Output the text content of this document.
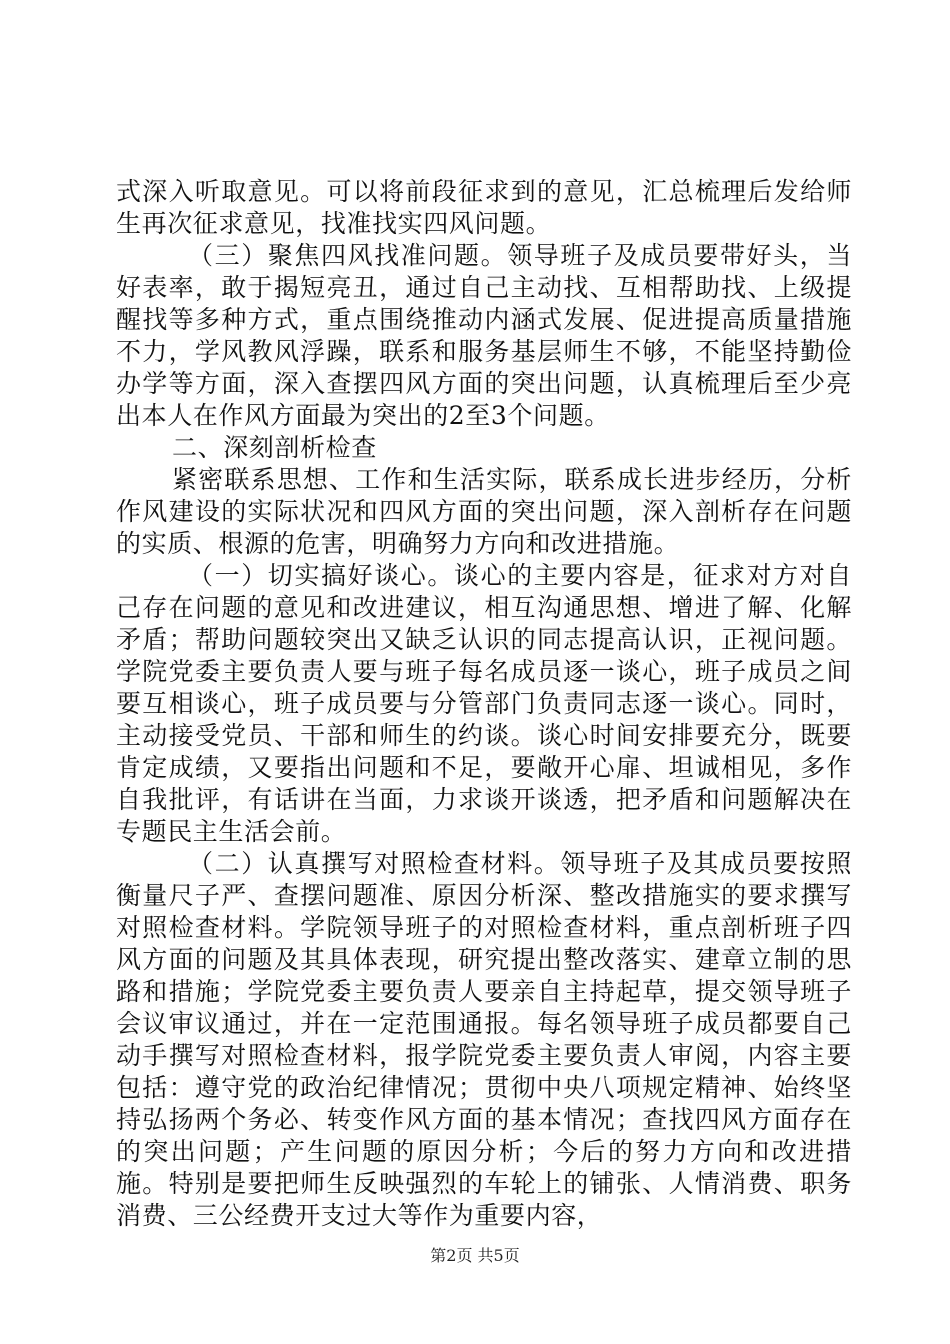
式深入听取意见。可以将前段征求到的意见，汇总梳理后发给师生再次征求意见，找准找实四风问题。

（三）聚焦四风找准问题。领导班子及成员要带好头，当好表率，敢于揭短亮丑，通过自己主动找、互相帮助找、上级提醒找等多种方式，重点围绕推动内涵式发展、促进提高质量措施不力，学风教风浮躁，联系和服务基层师生不够，不能坚持勤俭办学等方面，深入查摆四风方面的突出问题，认真梳理后至少亮出本人在作风方面最为突出的2至3个问题。

二、深刻剖析检查

紧密联系思想、工作和生活实际，联系成长进步经历，分析作风建设的实际状况和四风方面的突出问题，深入剖析存在问题的实质、根源的危害，明确努力方向和改进措施。

（一）切实搞好谈心。谈心的主要内容是，征求对方对自己存在问题的意见和改进建议，相互沟通思想、增进了解、化解矛盾；帮助问题较突出又缺乏认识的同志提高认识，正视问题。学院党委主要负责人要与班子每名成员逐一谈心，班子成员之间要互相谈心，班子成员要与分管部门负责同志逐一谈心。同时，主动接受党员、干部和师生的约谈。谈心时间安排要充分，既要肯定成绩，又要指出问题和不足，要敞开心扉、坦诚相见，多作自我批评，有话讲在当面，力求谈开谈透，把矛盾和问题解决在专题民主生活会前。

（二）认真撰写对照检查材料。领导班子及其成员要按照衡量尺子严、查摆问题准、原因分析深、整改措施实的要求撰写对照检查材料。学院领导班子的对照检查材料，重点剖析班子四风方面的问题及其具体表现，研究提出整改落实、建章立制的思路和措施；学院党委主要负责人要亲自主持起草，提交领导班子会议审议通过，并在一定范围通报。每名领导班子成员都要自己动手撰写对照检查材料，报学院党委主要负责人审阅，内容主要包括：遵守党的政治纪律情况；贯彻中央八项规定精神、始终坚持弘扬两个务必、转变作风方面的基本情况；查找四风方面存在的突出问题；产生问题的原因分析；今后的努力方向和改进措施。特别是要把师生反映强烈的车轮上的铺张、人情消费、职务消费、三公经费开支过大等作为重要内容，

第2页 共5页
